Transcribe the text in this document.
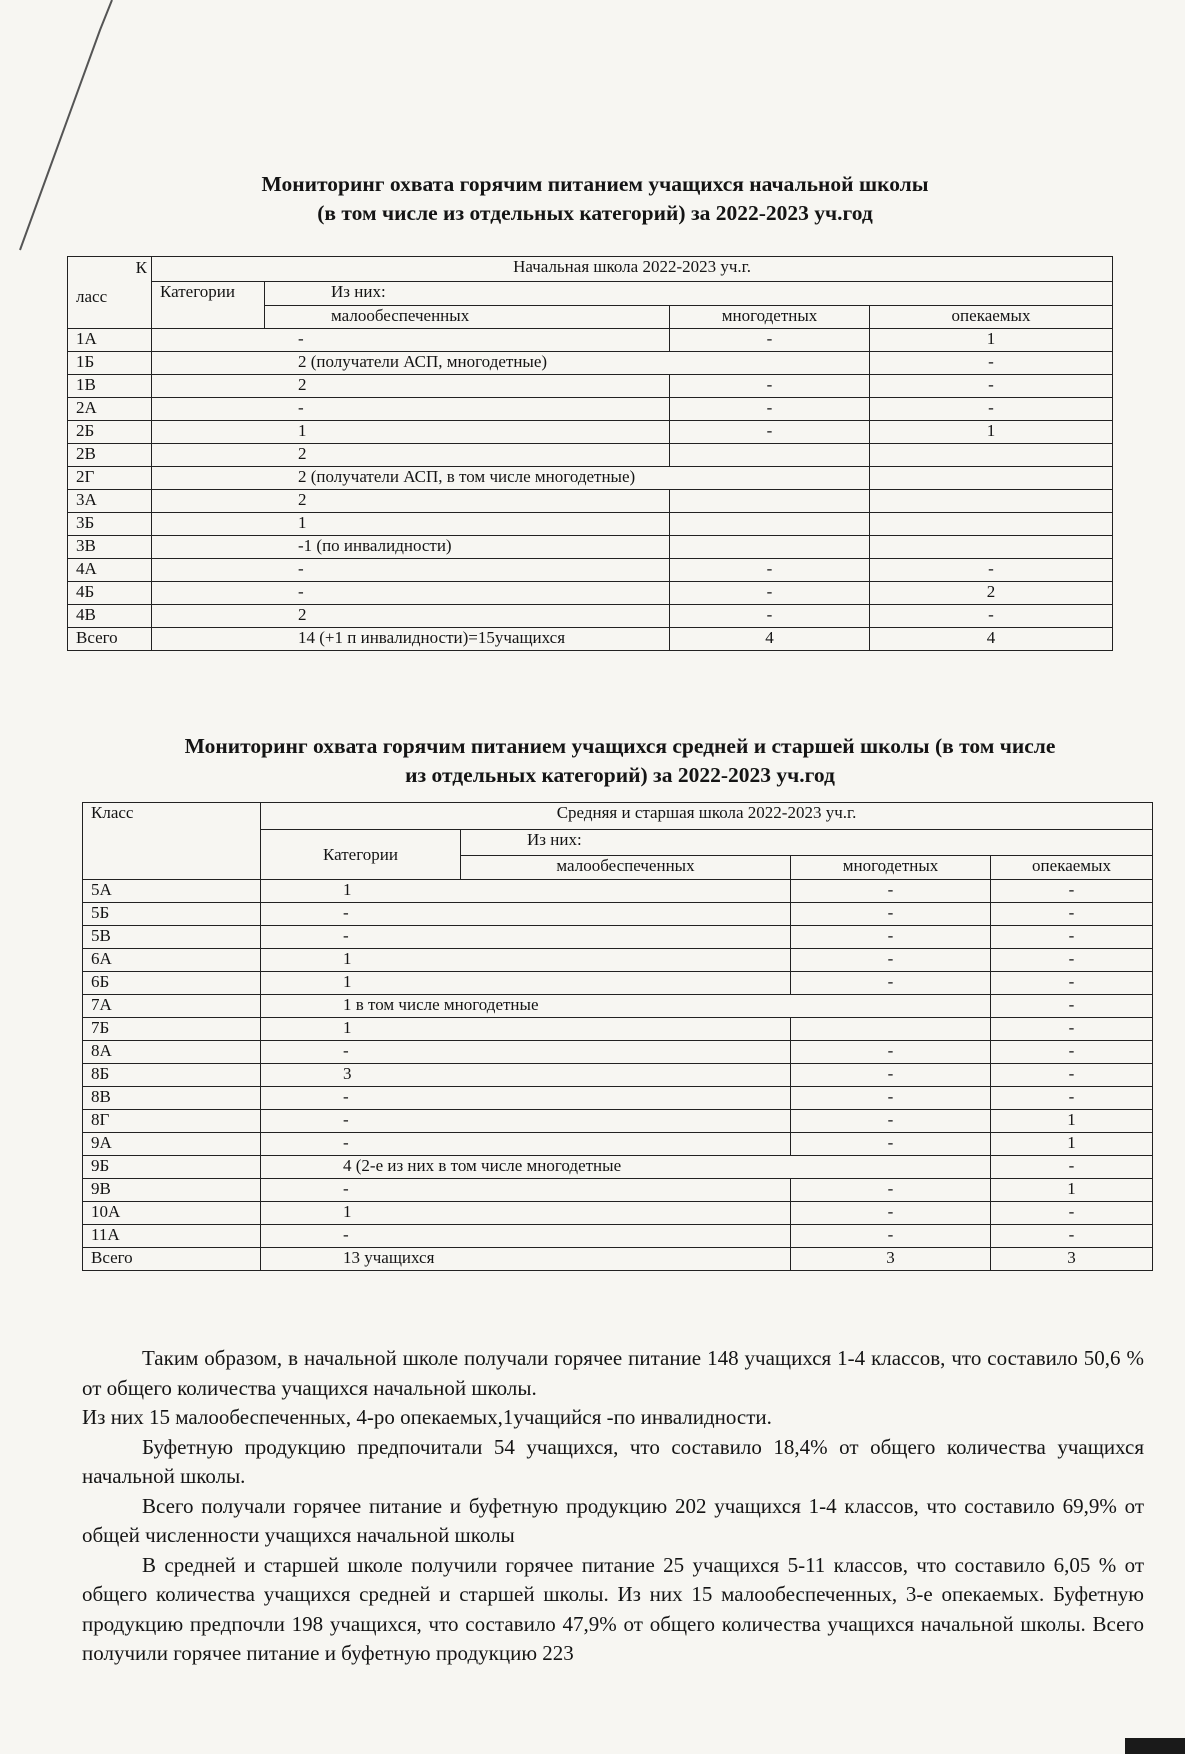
Мониторинг охвата горячим питанием учащихся начальной школы
(в том числе из отдельных категорий) за 2022-2023 уч.год
К
ласс	Начальная школа 2022-2023 уч.г.			
	Категории	Из них:		
		малообеспеченных	многодетных	опекаемых
1А	-		-	1
1Б	2 (получатели АСП, многодетные)			-
1В	2		-	-
2А	-		-	-
2Б	1		-	1
2В	2			
2Г	2 (получатели АСП, в том числе многодетные)			
3А	2			
3Б	1			
3В	-1 (по инвалидности)			
4А	-		-	-
4Б	-		-	2
4В	2		-	-
Всего	14 (+1 п инвалидности)=15учащихся		4	4
Мониторинг охвата горячим питанием учащихся средней и старшей школы (в том числе
из отдельных категорий) за 2022-2023 уч.год
Класс	Средняя и старшая школа 2022-2023 уч.г.			
	Категории	Из них:		
		малообеспеченных	многодетных	опекаемых
5А	1		-	-
5Б	-		-	-
5В	-		-	-
6А	1		-	-
6Б	1		-	-
7А	1 в том числе многодетные			-
7Б	1			-
8А	-		-	-
8Б	3		-	-
8В	-		-	-
8Г	-		-	1
9А	-		-	1
9Б	4 (2-е из них в том числе многодетные			-
9В	-		-	1
10А	1		-	-
11А	-		-	-
Всего	13 учащихся		3	3

Таким образом, в начальной школе получали горячее питание 148 учащихся 1-4 классов, что составило 50,6 % от общего количества учащихся начальной школы.

Из них 15 малообеспеченных, 4-ро опекаемых,1учащийся -по инвалидности.

Буфетную продукцию предпочитали 54 учащихся, что составило 18,4% от общего количества учащихся начальной школы.

Всего получали горячее питание и буфетную продукцию 202 учащихся 1-4 классов, что составило 69,9% от общей численности учащихся начальной школы

В средней и старшей школе получили горячее питание 25 учащихся 5-11 классов, что составило 6,05 % от общего количества учащихся средней и старшей школы. Из них 15 малообеспеченных, 3-е опекаемых. Буфетную продукцию предпочли 198 учащихся, что составило 47,9% от общего количества учащихся начальной школы. Всего получили горячее питание и буфетную продукцию 223
